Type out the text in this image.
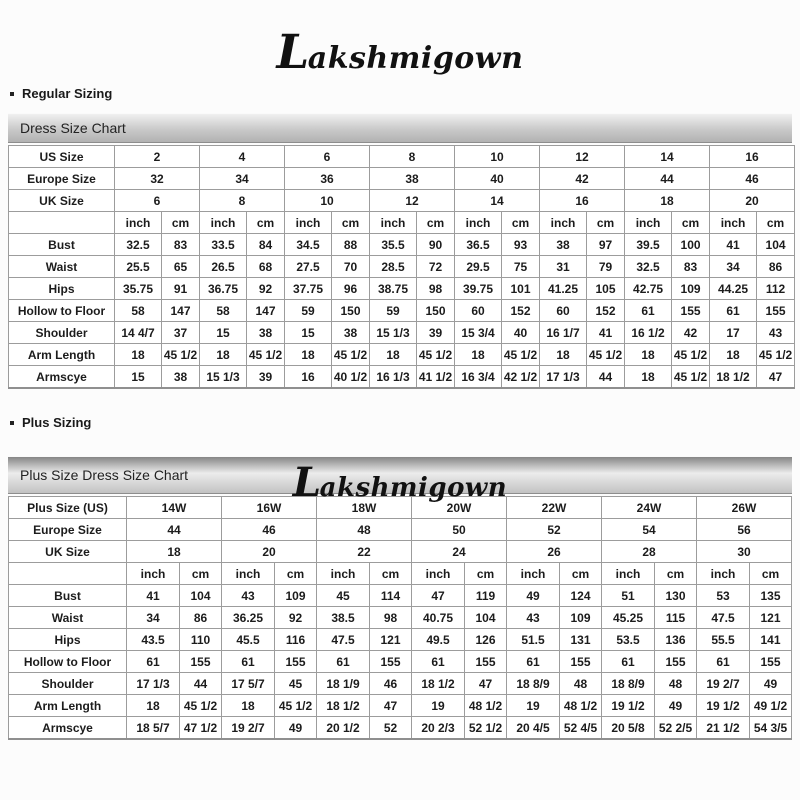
Lakshmigown
Regular Sizing
Dress Size Chart
US Size	2		4		6		8		10		12		14		16	
Europe Size	32		34		36		38		40		42		44		46	
UK Size	6		8		10		12		14		16		18		20	
	inch	cm	inch	cm	inch	cm	inch	cm	inch	cm	inch	cm	inch	cm	inch	cm
Bust	32.5	83	33.5	84	34.5	88	35.5	90	36.5	93	38	97	39.5	100	41	104
Waist	25.5	65	26.5	68	27.5	70	28.5	72	29.5	75	31	79	32.5	83	34	86
Hips	35.75	91	36.75	92	37.75	96	38.75	98	39.75	101	41.25	105	42.75	109	44.25	112
Hollow to Floor	58	147	58	147	59	150	59	150	60	152	60	152	61	155	61	155
Shoulder	14 4/7	37	15	38	15	38	15 1/3	39	15 3/4	40	16 1/7	41	16 1/2	42	17	43
Arm Length	18	45 1/2	18	45 1/2	18	45 1/2	18	45 1/2	18	45 1/2	18	45 1/2	18	45 1/2	18	45 1/2
Armscye	15	38	15 1/3	39	16	40 1/2	16 1/3	41 1/2	16 3/4	42 1/2	17 1/3	44	18	45 1/2	18 1/2	47
Plus Sizing
Plus Size Dress Size Chart	Lakshmigown
Plus Size (US)	14W		16W		18W		20W		22W		24W		26W	
Europe Size	44		46		48		50		52		54		56	
UK Size	18		20		22		24		26		28		30	
	inch	cm	inch	cm	inch	cm	inch	cm	inch	cm	inch	cm	inch	cm
Bust	41	104	43	109	45	114	47	119	49	124	51	130	53	135
Waist	34	86	36.25	92	38.5	98	40.75	104	43	109	45.25	115	47.5	121
Hips	43.5	110	45.5	116	47.5	121	49.5	126	51.5	131	53.5	136	55.5	141
Hollow to Floor	61	155	61	155	61	155	61	155	61	155	61	155	61	155
Shoulder	17 1/3	44	17 5/7	45	18 1/9	46	18 1/2	47	18 8/9	48	18 8/9	48	19 2/7	49
Arm Length	18	45 1/2	18	45 1/2	18 1/2	47	19	48 1/2	19	48 1/2	19 1/2	49	19 1/2	49 1/2
Armscye	18 5/7	47 1/2	19 2/7	49	20 1/2	52	20 2/3	52 1/2	20 4/5	52 4/5	20 5/8	52 2/5	21 1/2	54 3/5
